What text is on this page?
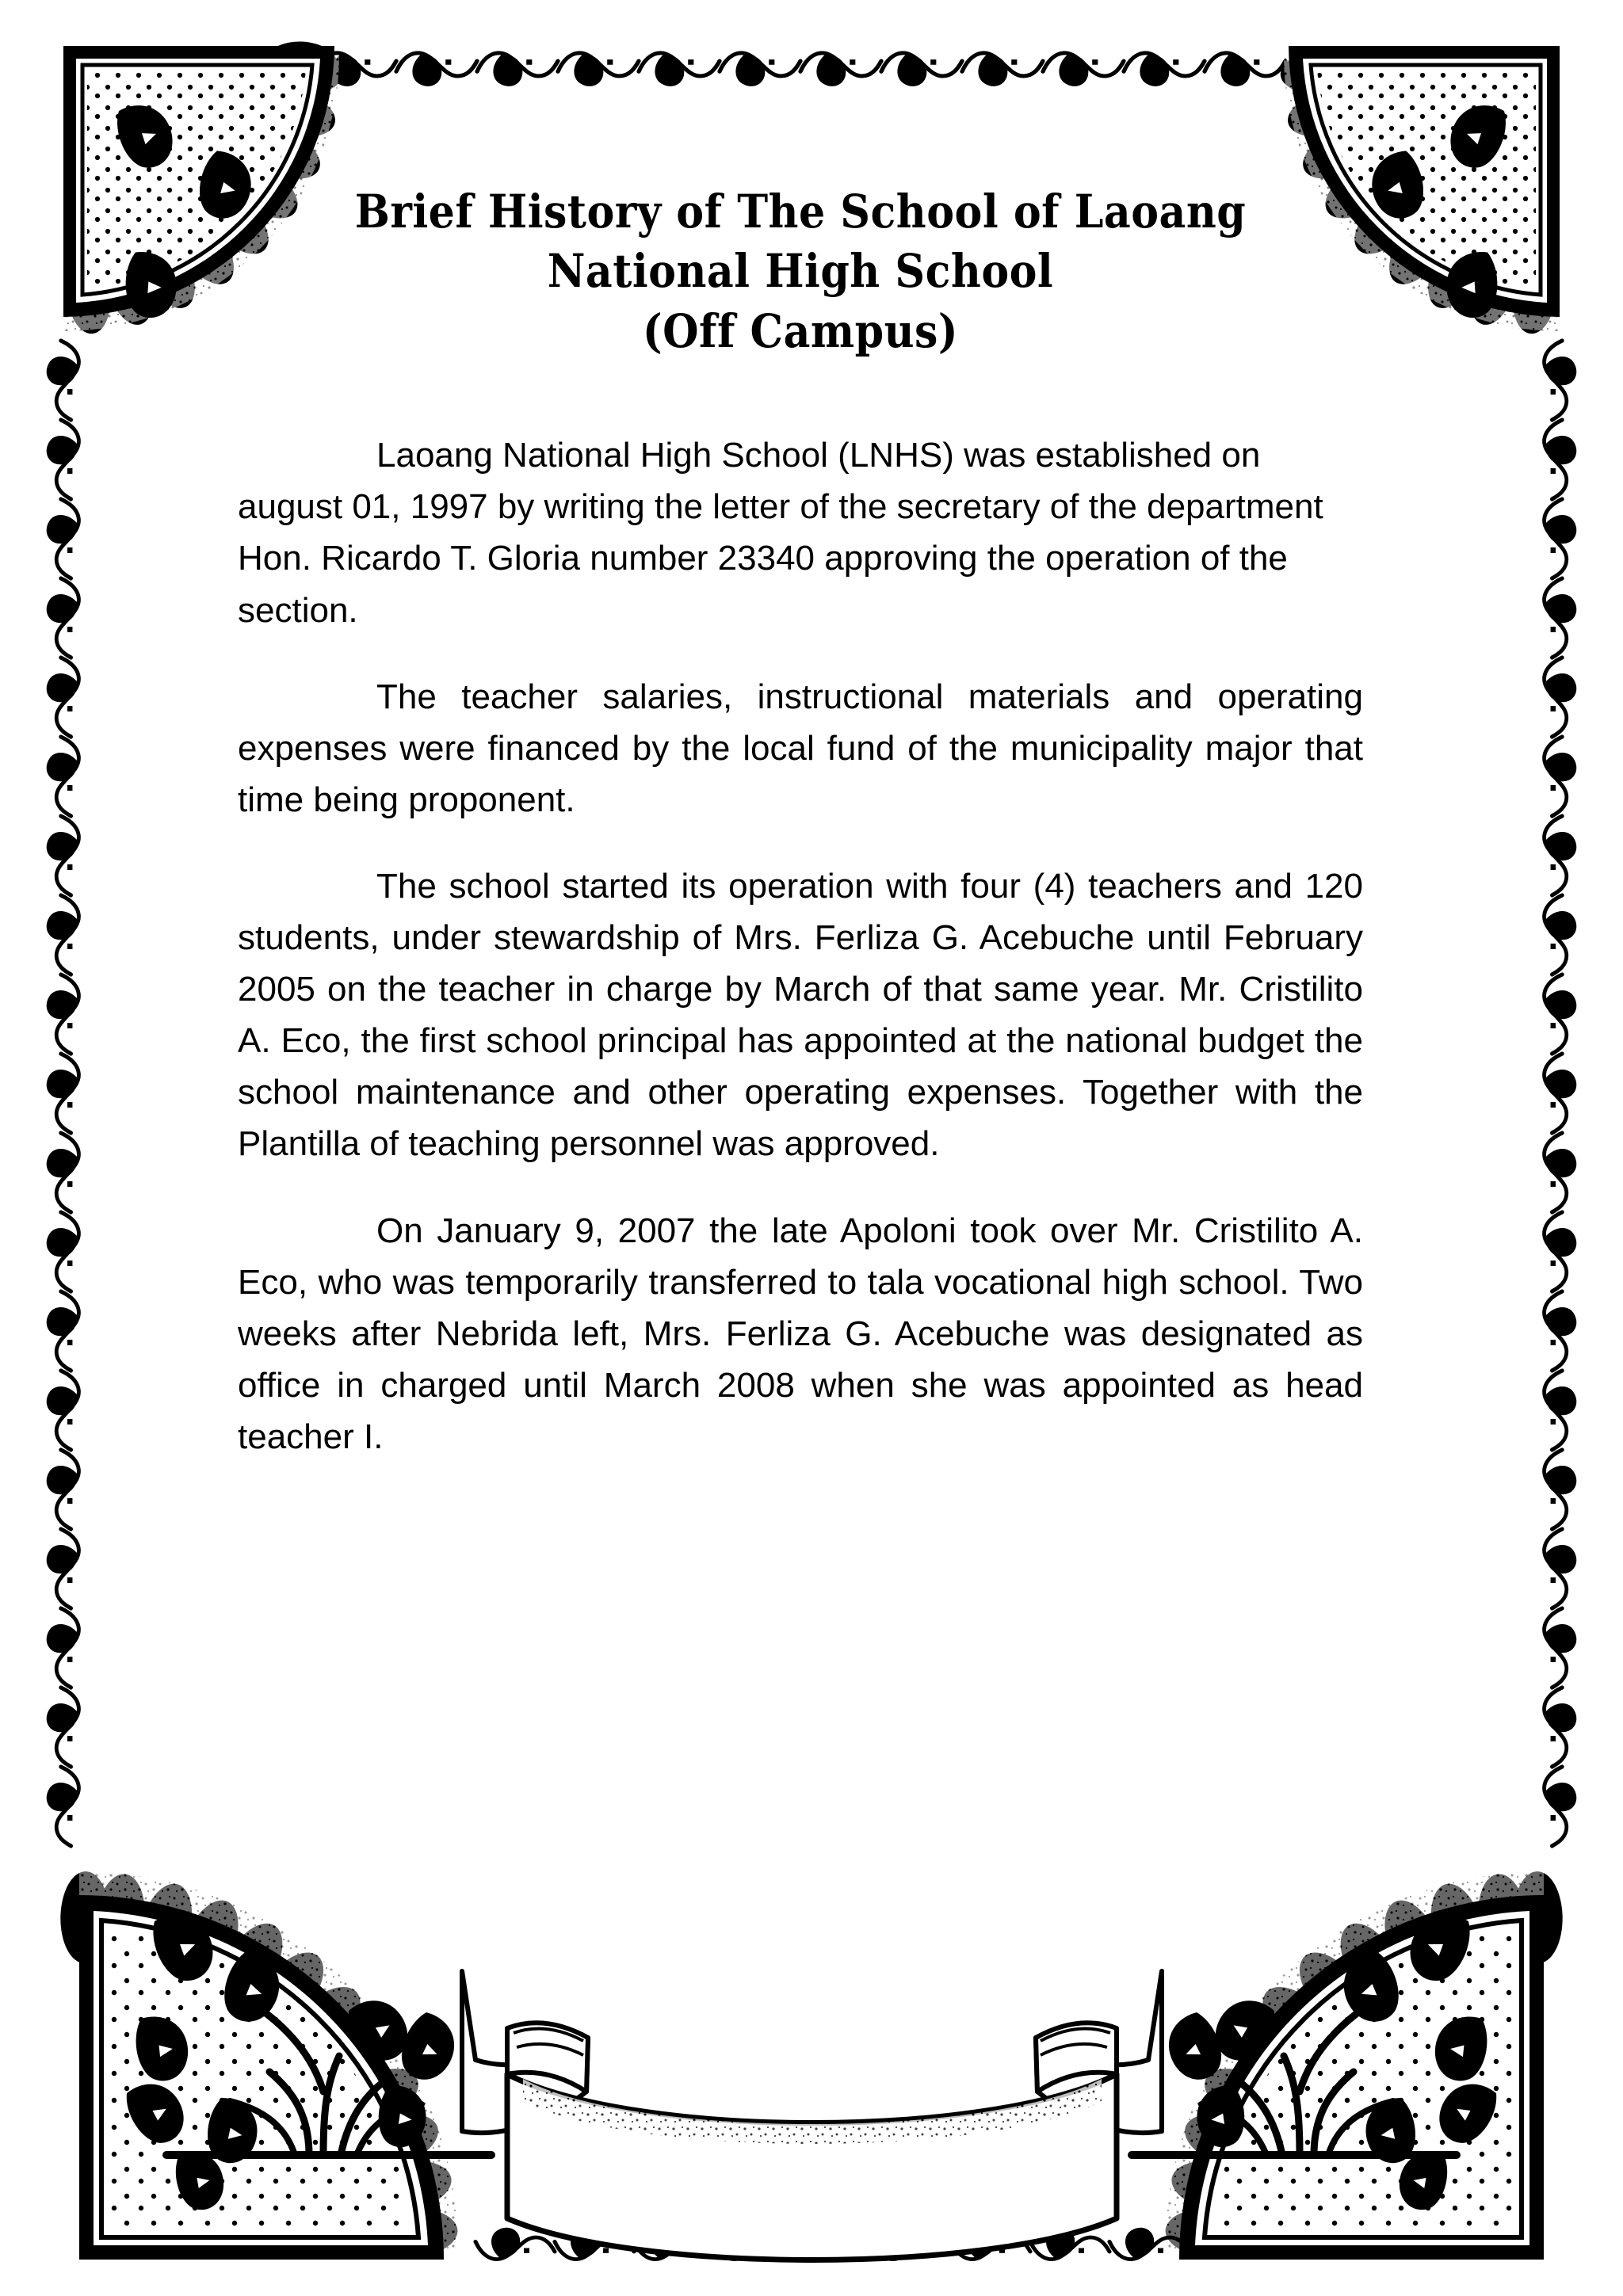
Brief History of The School of Laoang
National High School
(Off Campus)

Laoang National High School (LNHS) was established on august 01, 1997 by writing the letter of the secretary of the department Hon. Ricardo T. Gloria number 23340 approving the operation of the section.

The teacher salaries, instructional materials and operating expenses were financed by the local fund of the municipality major that time being proponent.

The school started its operation with four (4) teachers and 120 students, under stewardship of Mrs. Ferliza G. Acebuche until February 2005 on the teacher in charge by March of that same year. Mr. Cristilito A. Eco, the first school principal has appointed at the national budget the school maintenance and other operating expenses. Together with the Plantilla of teaching personnel was approved.

On January 9, 2007 the late Apoloni took over Mr. Cristilito A. Eco, who was temporarily transferred to tala vocational high school. Two weeks after Nebrida left, Mrs. Ferliza G. Acebuche was designated as office in charged until March 2008 when she was appointed as head teacher I.
